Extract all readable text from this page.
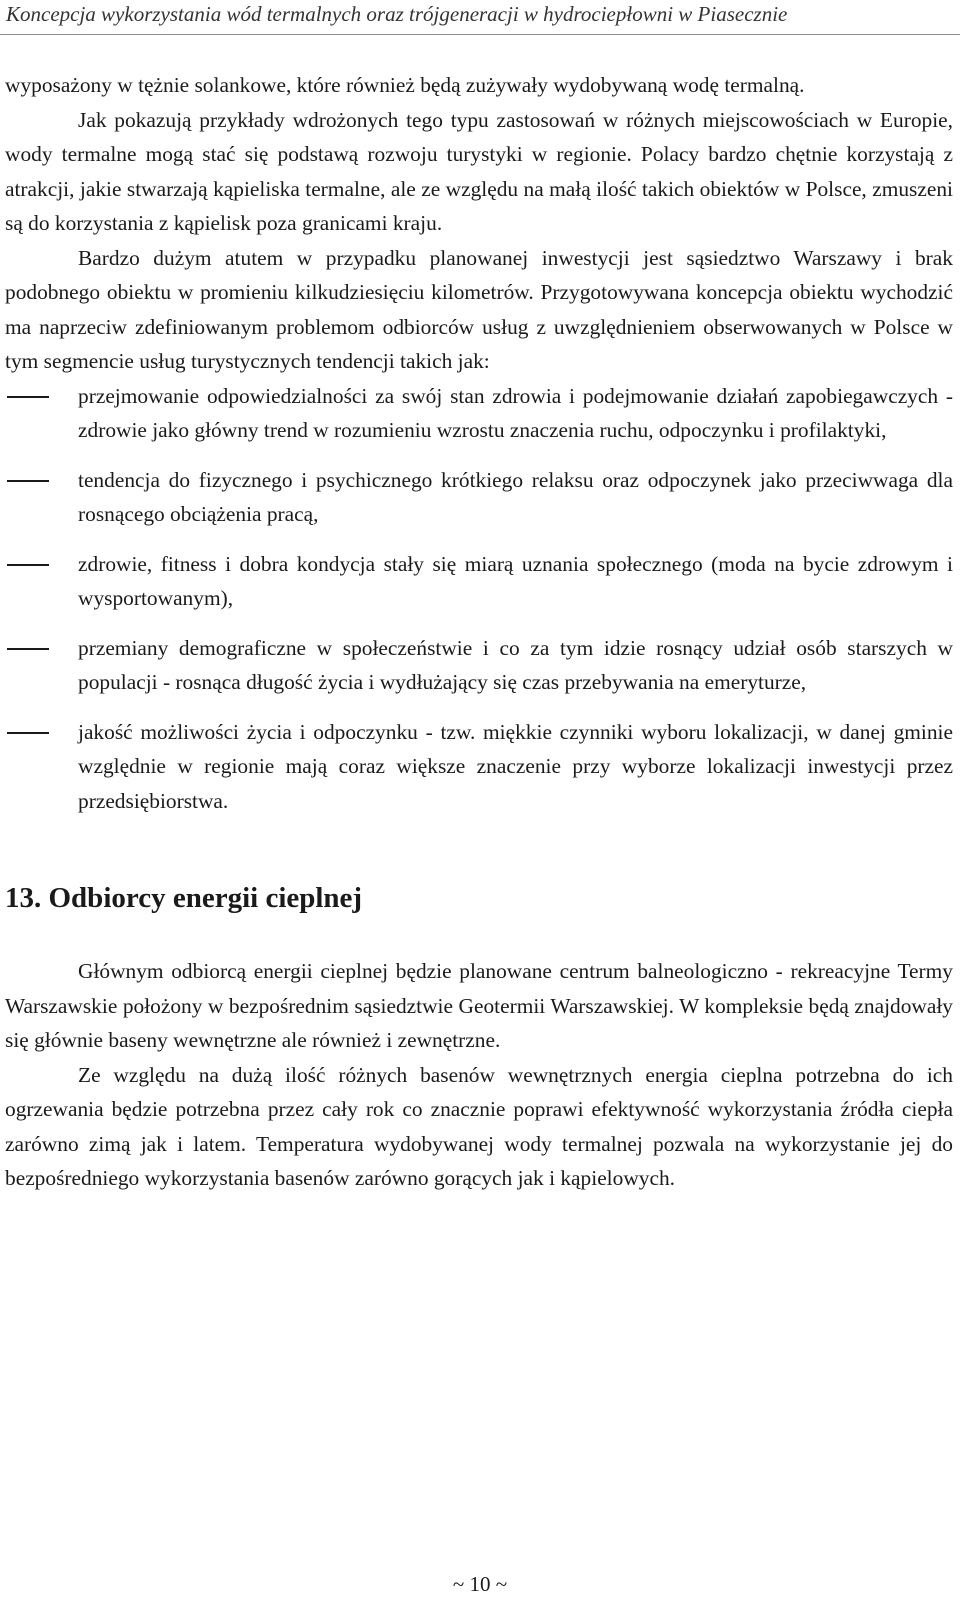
Koncepcja wykorzystania wód termalnych oraz trójgeneracji w hydrociepłowni w Piasecznie

wyposażony w tężnie solankowe, które również będą zużywały wydobywaną wodę termalną.

Jak pokazują przykłady wdrożonych tego typu zastosowań w różnych miejscowościach w Europie, wody termalne mogą stać się podstawą rozwoju turystyki w regionie. Polacy bardzo chętnie korzystają z atrakcji, jakie stwarzają kąpieliska termalne, ale ze względu na małą ilość takich obiektów w Polsce, zmuszeni są do korzystania z kąpielisk poza granicami kraju.

Bardzo dużym atutem w przypadku planowanej inwestycji jest sąsiedztwo Warszawy i brak podobnego obiektu w promieniu kilkudziesięciu kilometrów. Przygotowywana koncepcja obiektu wychodzić ma naprzeciw zdefiniowanym problemom odbiorców usług z uwzględnieniem obserwowanych w Polsce w tym segmencie usług turystycznych tendencji takich jak:

przejmowanie odpowiedzialności za swój stan zdrowia i podejmowanie działań zapobiegawczych - zdrowie jako główny trend w rozumieniu wzrostu znaczenia ruchu, odpoczynku i profilaktyki,
tendencja do fizycznego i psychicznego krótkiego relaksu oraz odpoczynek jako przeciwwaga dla rosnącego obciążenia pracą,
zdrowie, fitness i dobra kondycja stały się miarą uznania społecznego (moda na bycie zdrowym i wysportowanym),
przemiany demograficzne w społeczeństwie i co za tym idzie rosnący udział osób starszych w populacji - rosnąca długość życia i wydłużający się czas przebywania na emeryturze,
jakość możliwości życia i odpoczynku - tzw. miękkie czynniki wyboru lokalizacji, w danej gminie względnie w regionie mają coraz większe znaczenie przy wyborze lokalizacji inwestycji przez przedsiębiorstwa.
13. Odbiorcy energii cieplnej

Głównym odbiorcą energii cieplnej będzie planowane centrum balneologiczno - rekreacyjne Termy Warszawskie położony w bezpośrednim sąsiedztwie Geotermii Warszawskiej. W kompleksie będą znajdowały się głównie baseny wewnętrzne ale również i zewnętrzne.

Ze względu na dużą ilość różnych basenów wewnętrznych energia cieplna potrzebna do ich ogrzewania będzie potrzebna przez cały rok co znacznie poprawi efektywność wykorzystania źródła ciepła zarówno zimą jak i latem. Temperatura wydobywanej wody termalnej pozwala na wykorzystanie jej do bezpośredniego wykorzystania basenów zarówno gorących jak i kąpielowych.

~ 10 ~
